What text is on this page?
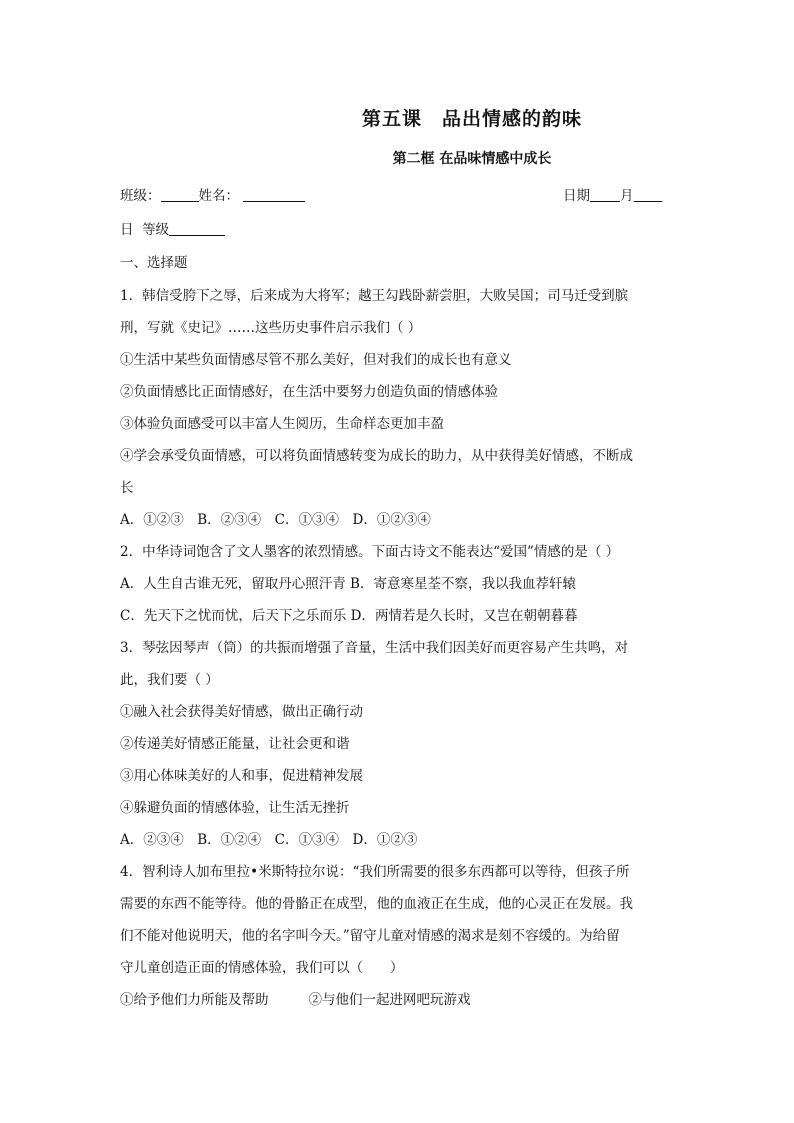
第五课　品出情感的韵味
第二框 在品味情感中成长
班级：	姓名：	日期 月
日 等级
一、选择题
1．韩信受胯下之辱，后来成为大将军；越王勾践卧薪尝胆，大败吴国；司马迁受到膑
刑，写就《史记》……这些历史事件启示我们（ ）
①生活中某些负面情感尽管不那么美好，但对我们的成长也有意义
②负面情感比正面情感好，在生活中要努力创造负面的情感体验
③体验负面感受可以丰富人生阅历，生命样态更加丰盈
④学会承受负面情感，可以将负面情感转变为成长的助力，从中获得美好情感，不断成
长
A．①②③　B．②③④　C．①③④　D．①②③④
2．中华诗词饱含了文人墨客的浓烈情感。下面古诗文不能表达“爱国”情感的是（ ）
A．人生自古谁无死，留取丹心照汗青 B．寄意寒星荃不察，我以我血荐轩辕
C．先天下之忧而忧，后天下之乐而乐 D．两情若是久长时，又岂在朝朝暮暮
3．琴弦因琴声（筒）的共振而增强了音量，生活中我们因美好而更容易产生共鸣，对
此，我们要（ ）
①融入社会获得美好情感，做出正确行动
②传递美好情感正能量，让社会更和谐
③用心体味美好的人和事，促进精神发展
④躲避负面的情感体验，让生活无挫折
A．②③④　B．①②④　C．①③④　D．①②③
4．智利诗人加布里拉•米斯特拉尔说：“我们所需要的很多东西都可以等待，但孩子所
需要的东西不能等待。他的骨骼正在成型，他的血液正在生成，他的心灵正在发展。我
们不能对他说明天，他的名字叫今天。”留守儿童对情感的渴求是刻不容缓的。为给留
守儿童创造正面的情感体验，我们可以（　　）
①给予他们力所能及帮助	②与他们一起进网吧玩游戏
